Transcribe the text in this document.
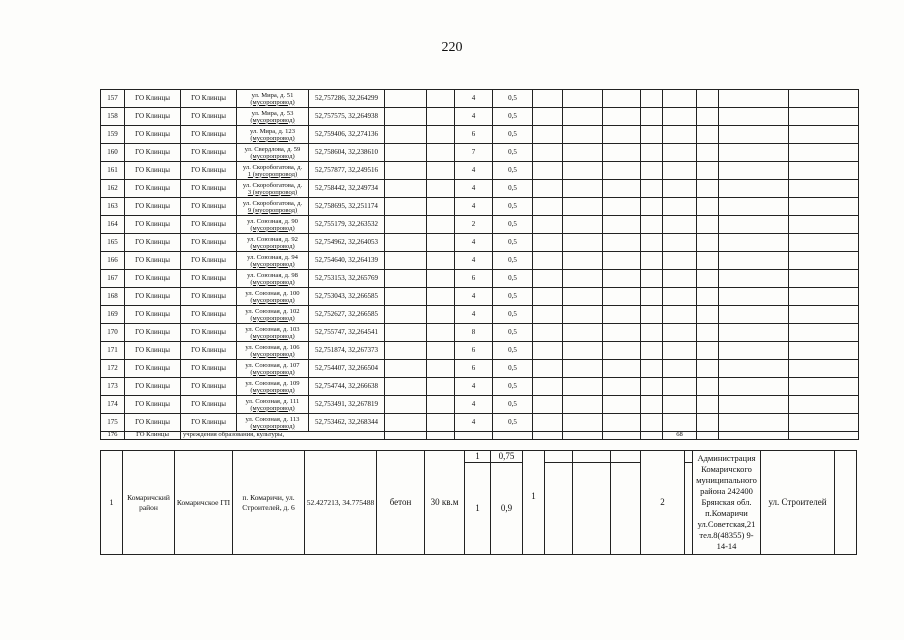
220
157	ГО Клинцы	ГО Клинцы	ул. Мира, д. 51
(мусоропровод)	52,757286, 32,264299			4	0,5									
158	ГО Клинцы	ГО Клинцы	ул. Мира, д. 53
(мусоропровод)	52,757575, 32,264938			4	0,5									
159	ГО Клинцы	ГО Клинцы	ул. Мира, д. 123
(мусоропровод)	52,759406, 32,274136			6	0,5									
160	ГО Клинцы	ГО Клинцы	ул. Свердлова, д. 59
(мусоропровод)	52,758604, 32,238610			7	0,5									
161	ГО Клинцы	ГО Клинцы	ул. Скоробогатова, д.
1 (мусоропровод)	52,757877, 32,249516			4	0,5									
162	ГО Клинцы	ГО Клинцы	ул. Скоробогатова, д.
3 (мусоропровод)	52,758442, 32,249734			4	0,5									
163	ГО Клинцы	ГО Клинцы	ул. Скоробогатова, д.
9 (мусоропровод)	52,758695, 32,251174			4	0,5									
164	ГО Клинцы	ГО Клинцы	ул. Союзная, д. 90
(мусоропровод)	52,755179, 32,263532			2	0,5									
165	ГО Клинцы	ГО Клинцы	ул. Союзная, д. 92
(мусоропровод)	52,754962, 32,264053			4	0,5									
166	ГО Клинцы	ГО Клинцы	ул. Союзная, д. 94
(мусоропровод)	52,754640, 32,264139			4	0,5									
167	ГО Клинцы	ГО Клинцы	ул. Союзная, д. 98
(мусоропровод)	52,753153, 32,265769			6	0,5									
168	ГО Клинцы	ГО Клинцы	ул. Союзная, д. 100
(мусоропровод)	52,753043, 32,266585			4	0,5									
169	ГО Клинцы	ГО Клинцы	ул. Союзная, д. 102
(мусоропровод)	52,752627, 32,266585			4	0,5									
170	ГО Клинцы	ГО Клинцы	ул. Союзная, д. 103
(мусоропровод)	52,755747, 32,264541			8	0,5									
171	ГО Клинцы	ГО Клинцы	ул. Союзная, д. 106
(мусоропровод)	52,751874, 32,267373			6	0,5									
172	ГО Клинцы	ГО Клинцы	ул. Союзная, д. 107
(мусоропровод)	52,754407, 32,266504			6	0,5									
173	ГО Клинцы	ГО Клинцы	ул. Союзная, д. 109
(мусоропровод)	52,754744, 32,266638			4	0,5									
174	ГО Клинцы	ГО Клинцы	ул. Союзная, д. 111
(мусоропровод)	52,753491, 32,267819			4	0,5									
175	ГО Клинцы	ГО Клинцы	ул. Союзная, д. 113
(мусоропровод)	52,753462, 32,268344			4	0,5									
176	ГО Клинцы	учреждения образования, культуры,											68				
1	Комаричский район	Комаричское ГП	п. Комаричи, ул. Строителей, д. 6	52.427213, 34.775488	бетон	30 кв.м	1	0,75	1				2		Администрация Комаричского муниципального района 242400 Брянская обл. п.Комаричи ул.Советская,21 тел.8(48355) 9-14-14	ул. Строителей	
							1	0,9									
